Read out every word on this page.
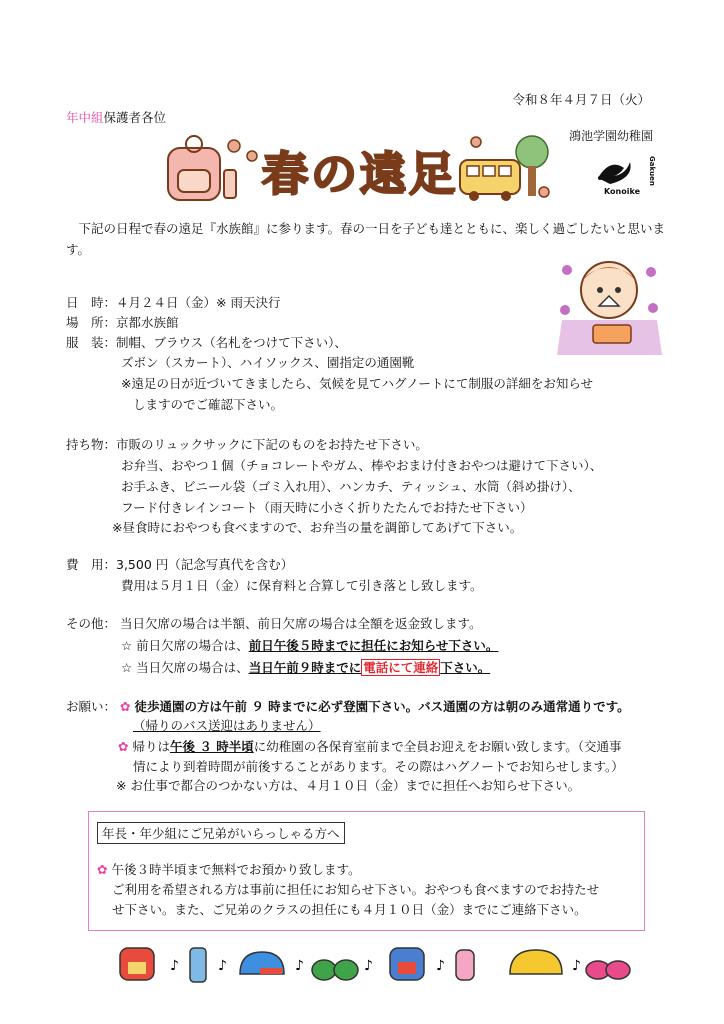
令和８年４月７日（火）
年中組保護者各位
鴻池学園幼稚園
Konoike
Gakuen
春の遠足
下記の日程で春の遠足『水族館』に参ります。春の一日を子ども達とともに、楽しく過ごしたいと思います。
日　時：４月２４日（金）※ 雨天決行
場　所：京都水族館
服　装：制帽、ブラウス（名札をつけて下さい）、
ズボン（スカート）、ハイソックス、園指定の通園靴
※遠足の日が近づいてきましたら、気候を見てハグノートにて制服の詳細をお知らせ
しますのでご確認下さい。
持ち物：市販のリュックサックに下記のものをお持たせ下さい。
お弁当、おやつ１個（チョコレートやガム、棒やおまけ付きおやつは避けて下さい）、
お手ふき、ビニール袋（ゴミ入れ用）、ハンカチ、ティッシュ、水筒（斜め掛け）、
フード付きレインコート（雨天時に小さく折りたたんでお持たせ下さい）
※昼食時におやつも食べますので、お弁当の量を調節してあげて下さい。
費　用：3,500 円（記念写真代を含む）
費用は５月１日（金）に保育料と合算して引き落とし致します。
その他： 当日欠席の場合は半額、前日欠席の場合は全額を返金致します。
☆ 前日欠席の場合は、前日午後５時までに担任にお知らせ下さい。
☆ 当日欠席の場合は、当日午前９時までに 電話にて連絡 下さい。
お願い： ✿ 徒歩通園の方は午前 ９ 時までに必ず登園下さい。バス通園の方は朝のみ通常通りです。
（帰りのバス送迎はありません）
✿ 帰りは午後 ３ 時半頃に幼稚園の各保育室前まで全員お迎えをお願い致します。（交通事
情により到着時間が前後することがあります。その際はハグノートでお知らせします。）
※ お仕事で都合のつかない方は、４月１０日（金）までに担任へお知らせ下さい。
年長・年少組にご兄弟がいらっしゃる方へ
✿ 午後３時半頃まで無料でお預かり致します。
ご利用を希望される方は事前に担任にお知らせ下さい。おやつも食べますのでお持たせ
せ下さい。また、ご兄弟のクラスの担任にも４月１０日（金）までにご連絡下さい。
♪	♪	♪	♪	♪	♪
